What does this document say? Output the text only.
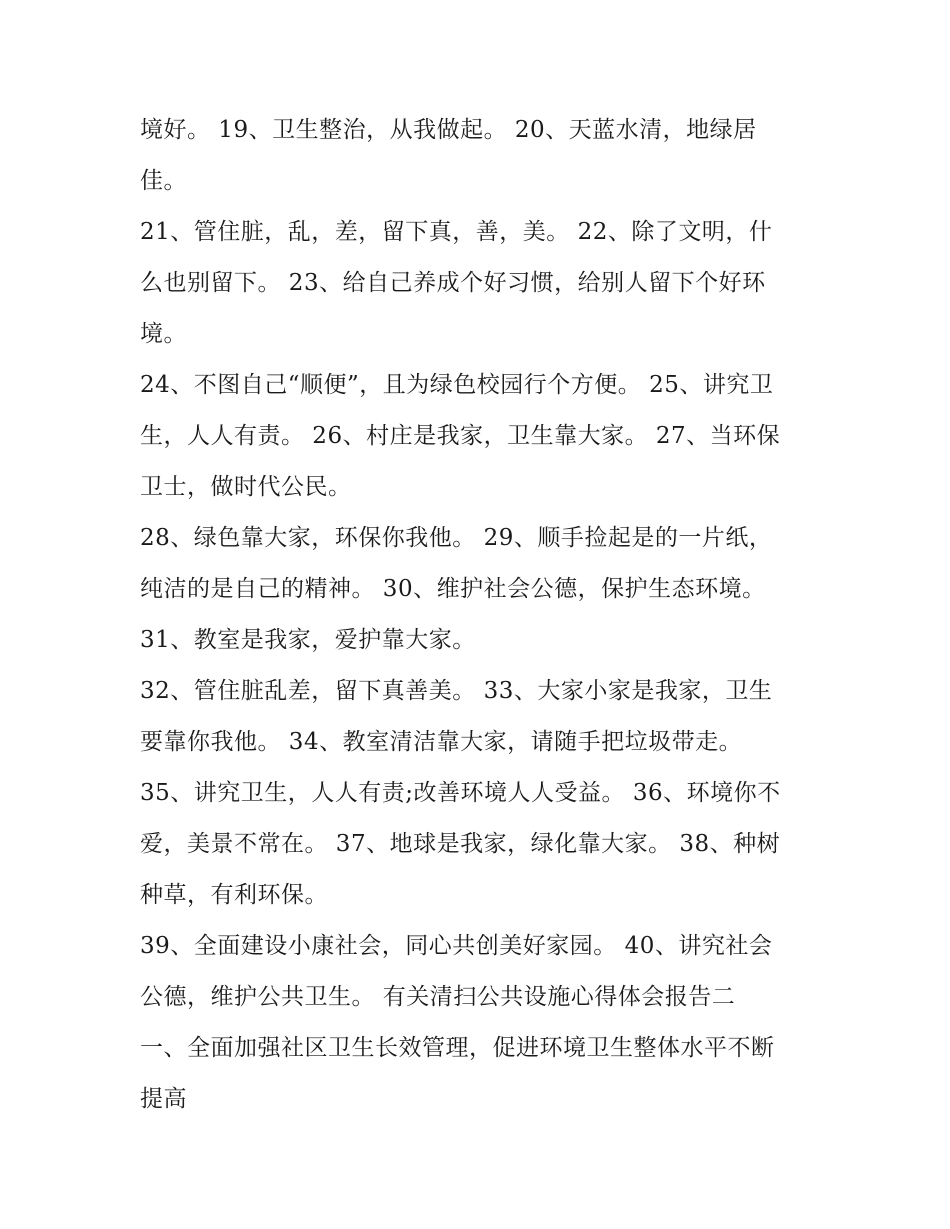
境好。 19、卫生整治，从我做起。 20、天蓝水清，地绿居
佳。
21、管住脏，乱，差，留下真，善，美。 22、除了文明，什
么也别留下。 23、给自己养成个好习惯，给别人留下个好环
境。
24、不图自己“顺便”，且为绿色校园行个方便。 25、讲究卫
生，人人有责。 26、村庄是我家，卫生靠大家。 27、当环保
卫士，做时代公民。
28、绿色靠大家，环保你我他。 29、顺手捡起是的一片纸，
纯洁的是自己的精神。 30、维护社会公德，保护生态环境。
31、教室是我家，爱护靠大家。
32、管住脏乱差，留下真善美。 33、大家小家是我家，卫生
要靠你我他。 34、教室清洁靠大家，请随手把垃圾带走。
35、讲究卫生，人人有责;改善环境人人受益。 36、环境你不
爱，美景不常在。 37、地球是我家，绿化靠大家。 38、种树
种草，有利环保。
39、全面建设小康社会，同心共创美好家园。 40、讲究社会
公德，维护公共卫生。 有关清扫公共设施心得体会报告二
一、全面加强社区卫生长效管理，促进环境卫生整体水平不断
提高
